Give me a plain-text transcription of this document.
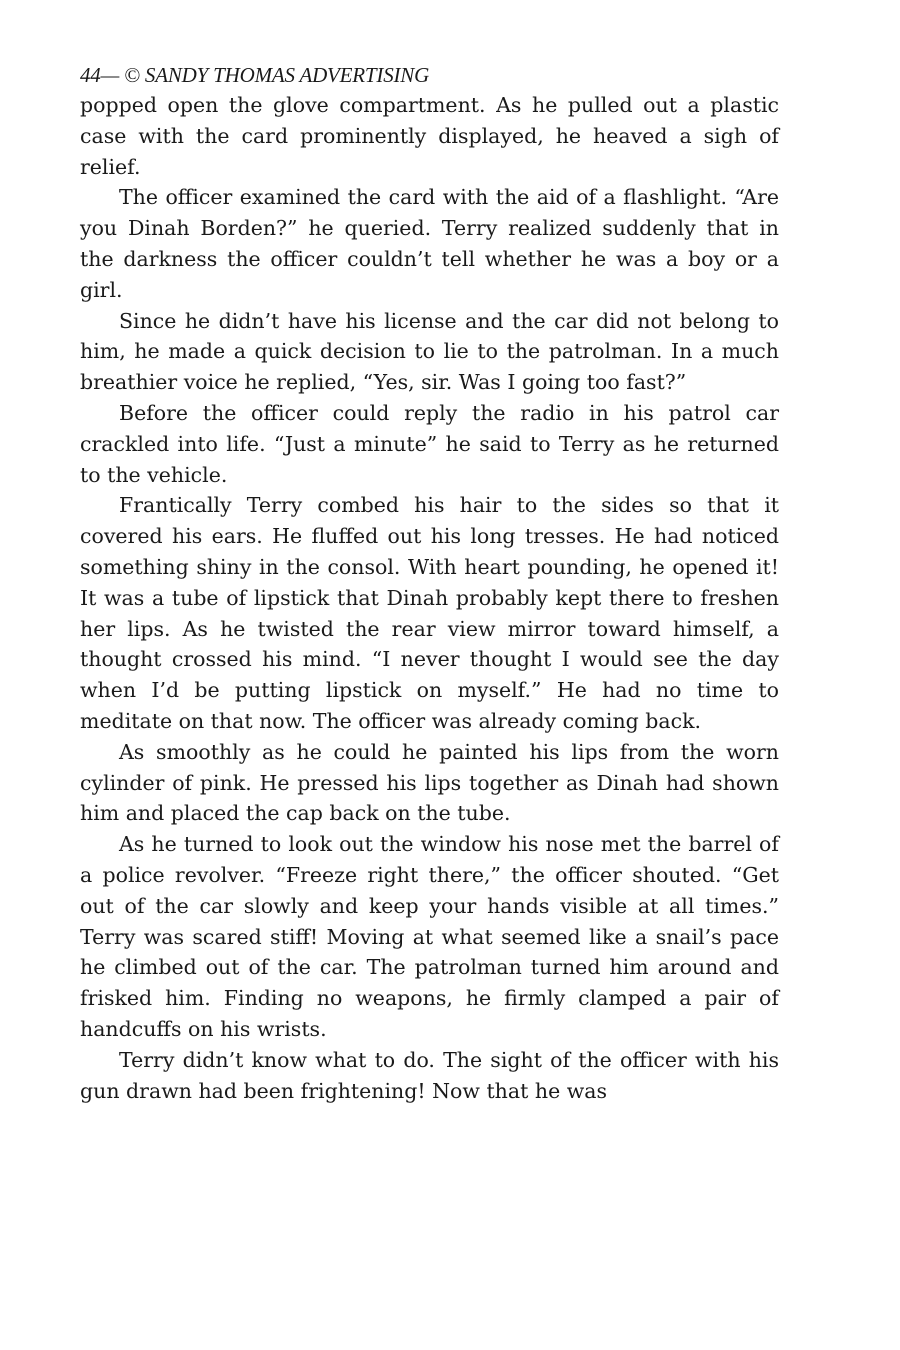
44— © SANDY THOMAS ADVERTISING

popped open the glove compartment. As he pulled out a plastic case with the card prominently displayed, he heaved a sigh of relief.

The officer examined the card with the aid of a flashlight. “Are you Dinah Borden?” he queried. Terry realized suddenly that in the darkness the officer couldn’t tell whether he was a boy or a girl.

Since he didn’t have his license and the car did not belong to him, he made a quick decision to lie to the patrolman. In a much breathier voice he replied, “Yes, sir. Was I going too fast?”

Before the officer could reply the radio in his patrol car crackled into life. “Just a minute” he said to Terry as he returned to the vehicle.

Frantically Terry combed his hair to the sides so that it covered his ears. He fluffed out his long tresses. He had noticed something shiny in the consol. With heart pounding, he opened it! It was a tube of lipstick that Dinah probably kept there to freshen her lips. As he twisted the rear view mirror toward himself, a thought crossed his mind. “I never thought I would see the day when I’d be putting lipstick on myself.” He had no time to meditate on that now. The officer was already coming back.

As smoothly as he could he painted his lips from the worn cylinder of pink. He pressed his lips together as Dinah had shown him and placed the cap back on the tube.

As he turned to look out the window his nose met the barrel of a police revolver. “Freeze right there,” the officer shouted. “Get out of the car slowly and keep your hands visible at all times.” Terry was scared stiff! Moving at what seemed like a snail’s pace he climbed out of the car. The patrolman turned him around and frisked him. Finding no weapons, he firmly clamped a pair of handcuffs on his wrists.

Terry didn’t know what to do. The sight of the officer with his gun drawn had been frightening! Now that he was
